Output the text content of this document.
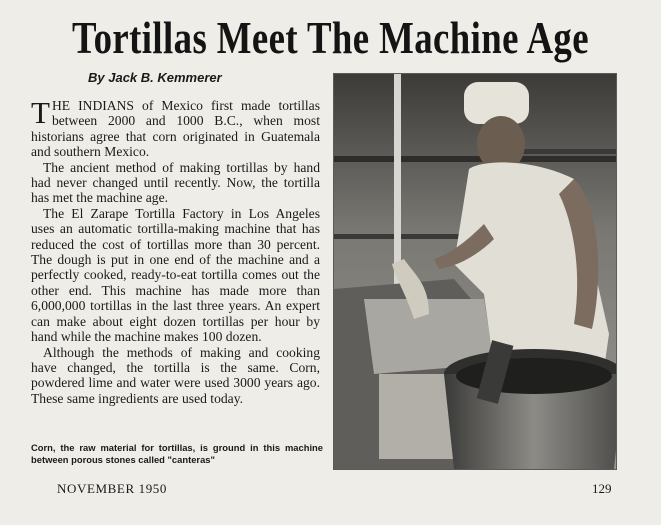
Tortillas Meet The Machine Age
By Jack B. Kemmerer

THE INDIANS of Mexico first made tortillas between 2000 and 1000 B.C., when most historians agree that corn originated in Guatemala and southern Mexico.

The ancient method of making tortillas by hand had never changed until recently. Now, the tortilla has met the machine age.

The El Zarape Tortilla Factory in Los Angeles uses an automatic tortilla-making machine that has reduced the cost of tortillas more than 30 percent. The dough is put in one end of the machine and a perfectly cooked, ready-to-eat tortilla comes out the other end. This machine has made more than 6,000,000 tortillas in the last three years. An expert can make about eight dozen tortillas per hour by hand while the machine makes 100 dozen.

Although the methods of making and cooking have changed, the tortilla is the same. Corn, powdered lime and water were used 3000 years ago. These same ingredients are used today.

Corn, the raw material for tortillas, is ground in this machine between porous stones called "canteras"
NOVEMBER 1950	129
